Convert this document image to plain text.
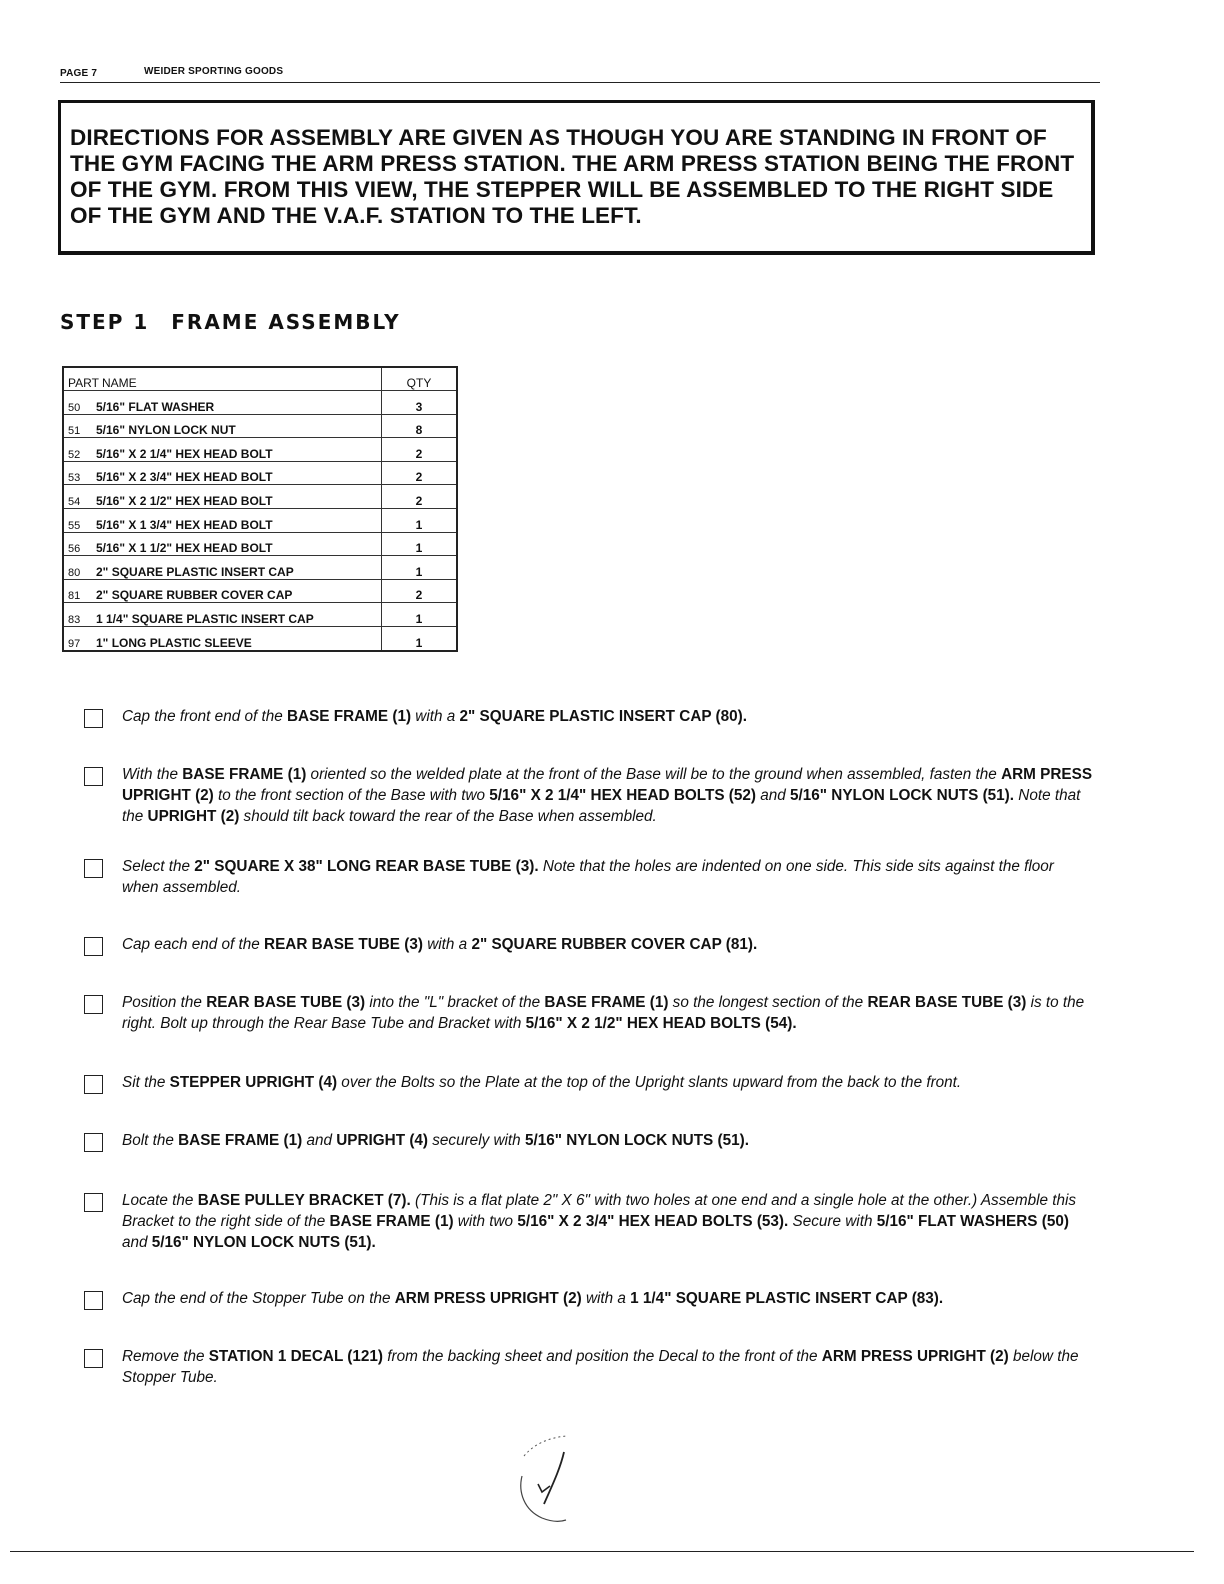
PAGE 7	WEIDER SPORTING GOODS

DIRECTIONS FOR ASSEMBLY ARE GIVEN AS THOUGH YOU ARE STANDING IN FRONT OF THE GYM FACING THE ARM PRESS STATION. THE ARM PRESS STATION BEING THE FRONT OF THE GYM. FROM THIS VIEW, THE STEPPER WILL BE ASSEMBLED TO THE RIGHT SIDE OF THE GYM AND THE V.A.F. STATION TO THE LEFT.

STEP 1 FRAME ASSEMBLY
PART NAME	QTY
50 5/16" FLAT WASHER	3
51 5/16" NYLON LOCK NUT	8
52 5/16" X 2 1/4" HEX HEAD BOLT	2
53 5/16" X 2 3/4" HEX HEAD BOLT	2
54 5/16" X 2 1/2" HEX HEAD BOLT	2
55 5/16" X 1 3/4" HEX HEAD BOLT	1
56 5/16" X 1 1/2" HEX HEAD BOLT	1
80 2" SQUARE PLASTIC INSERT CAP	1
81 2" SQUARE RUBBER COVER CAP	2
83 1 1/4" SQUARE PLASTIC INSERT CAP	1
97 1" LONG PLASTIC SLEEVE	1
Cap the front end of the BASE FRAME (1) with a 2" SQUARE PLASTIC INSERT CAP (80).
With the BASE FRAME (1) oriented so the welded plate at the front of the Base will be to the ground when assembled, fasten the ARM PRESS UPRIGHT (2) to the front section of the Base with two 5/16" X 2 1/4" HEX HEAD BOLTS (52) and 5/16" NYLON LOCK NUTS (51). Note that the UPRIGHT (2) should tilt back toward the rear of the Base when assembled.
Select the 2" SQUARE X 38" LONG REAR BASE TUBE (3). Note that the holes are indented on one side. This side sits against the floor when assembled.
Cap each end of the REAR BASE TUBE (3) with a 2" SQUARE RUBBER COVER CAP (81).
Position the REAR BASE TUBE (3) into the "L" bracket of the BASE FRAME (1) so the longest section of the REAR BASE TUBE (3) is to the right. Bolt up through the Rear Base Tube and Bracket with 5/16" X 2 1/2" HEX HEAD BOLTS (54).
Sit the STEPPER UPRIGHT (4) over the Bolts so the Plate at the top of the Upright slants upward from the back to the front.
Bolt the BASE FRAME (1) and UPRIGHT (4) securely with 5/16" NYLON LOCK NUTS (51).
Locate the BASE PULLEY BRACKET (7). (This is a flat plate 2" X 6" with two holes at one end and a single hole at the other.) Assemble this Bracket to the right side of the BASE FRAME (1) with two 5/16" X 2 3/4" HEX HEAD BOLTS (53). Secure with 5/16" FLAT WASHERS (50) and 5/16" NYLON LOCK NUTS (51).
Cap the end of the Stopper Tube on the ARM PRESS UPRIGHT (2) with a 1 1/4" SQUARE PLASTIC INSERT CAP (83).
Remove the STATION 1 DECAL (121) from the backing sheet and position the Decal to the front of the ARM PRESS UPRIGHT (2) below the Stopper Tube.
